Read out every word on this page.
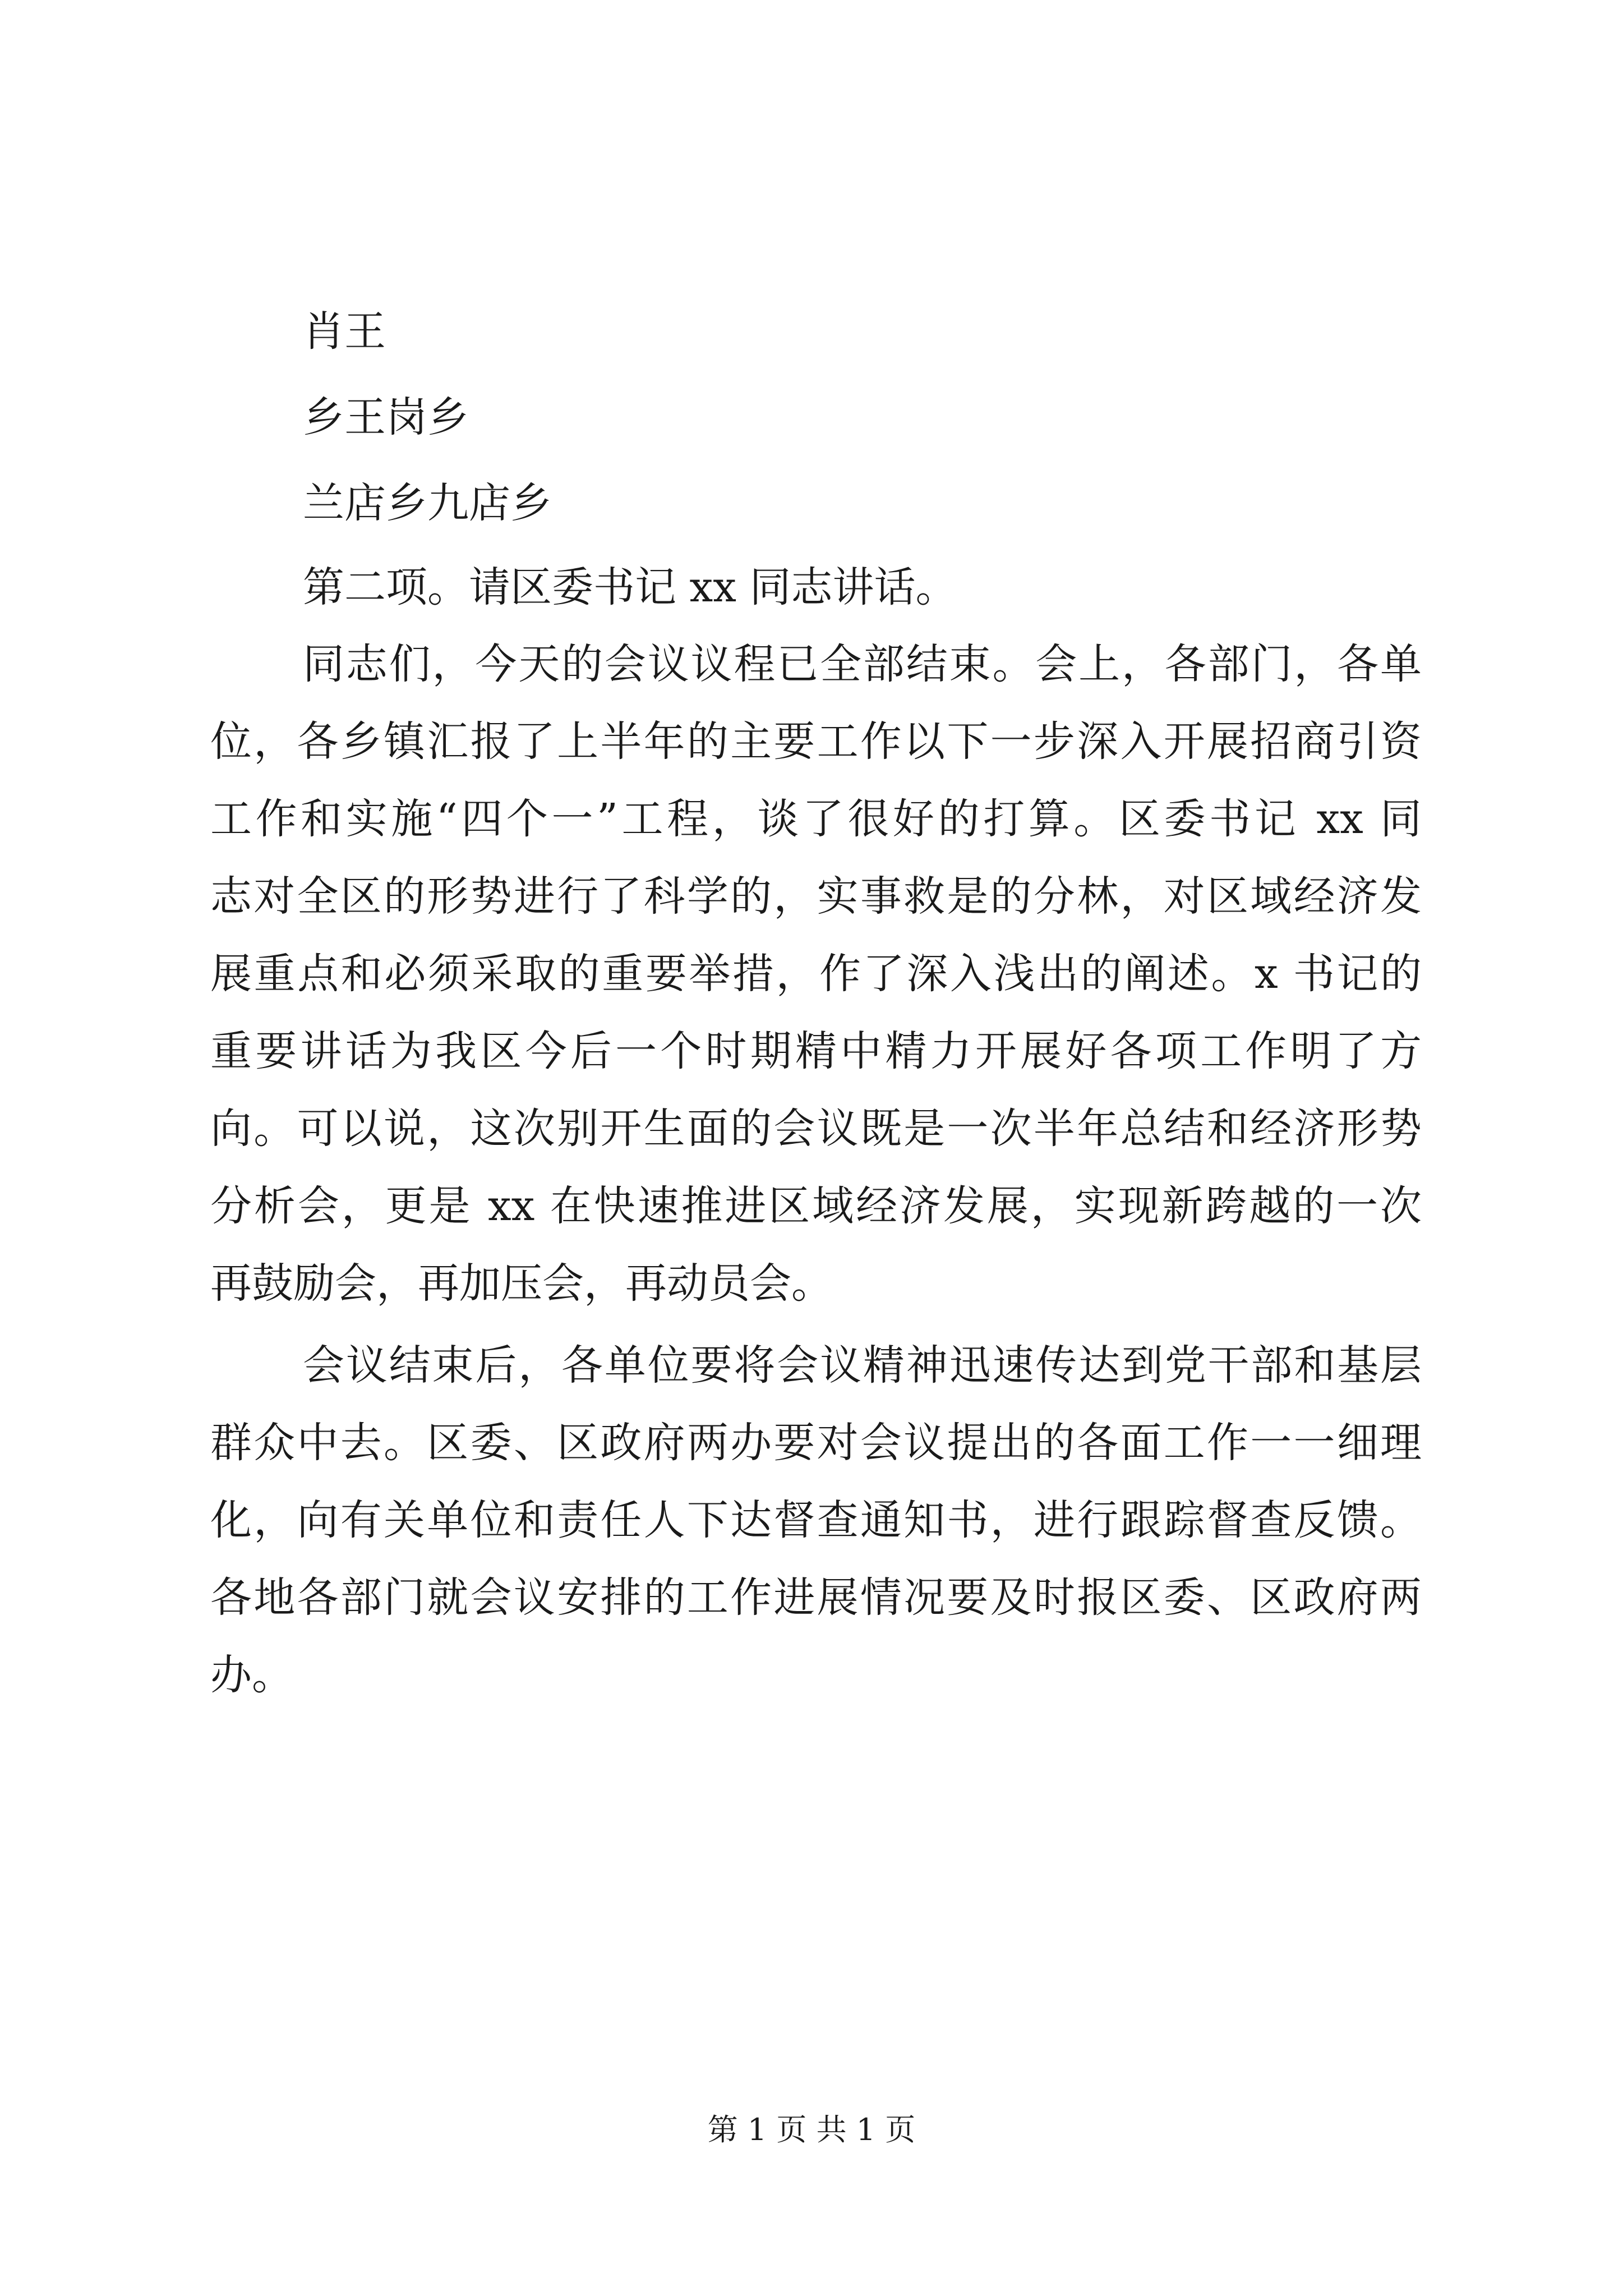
肖王
乡王岗乡
兰店乡九店乡
第二项。请区委书记 xx 同志讲话。
同志们，今天的会议议程已全部结束。会上，各部门，各单
位，各乡镇汇报了上半年的主要工作以下一步深入开展招商引资
工作和实施“四个一”工程，谈了很好的打算。区委书记 xx 同
志对全区的形势进行了科学的，实事救是的分林，对区域经济发
展重点和必须采取的重要举措，作了深入浅出的阐述。x 书记的
重要讲话为我区今后一个时期精中精力开展好各项工作明了方
向。可以说，这次别开生面的会议既是一次半年总结和经济形势
分析会，更是 xx 在快速推进区域经济发展，实现新跨越的一次
再鼓励会，再加压会，再动员会。
会议结束后，各单位要将会议精神迅速传达到党干部和基层
群众中去。区委、区政府两办要对会议提出的各面工作一一细理
化，向有关单位和责任人下达督查通知书，进行跟踪督查反馈。
各地各部门就会议安排的工作进展情况要及时报区委、区政府两
办。
第 1 页 共 1 页
